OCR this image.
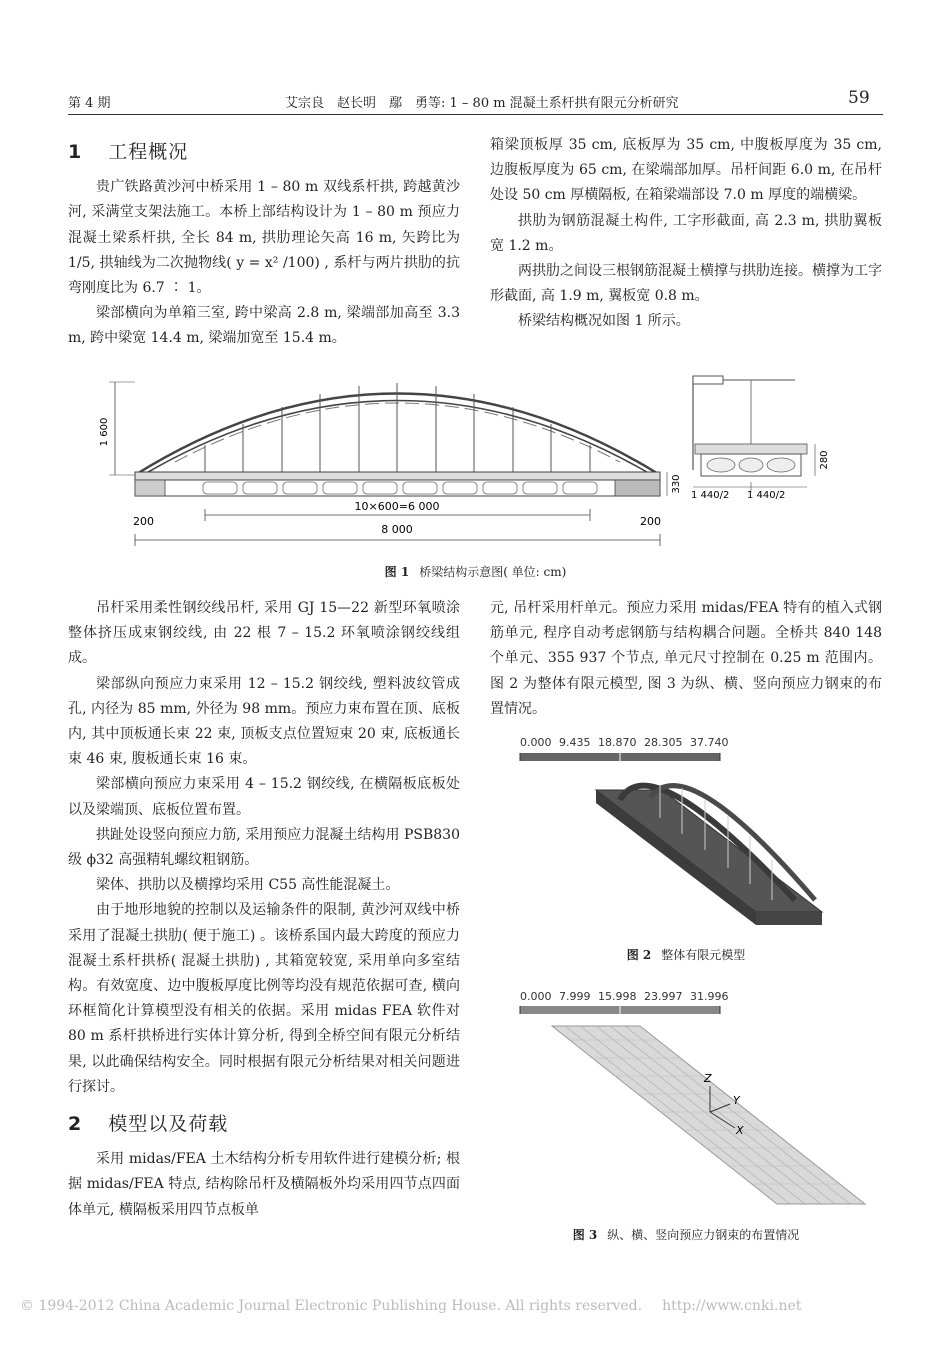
第 4 期	艾宗良　赵长明　鄢　勇等: 1 – 80 m 混凝土系杆拱有限元分析研究	59
1 工程概况

贵广铁路黄沙河中桥采用 1 – 80 m 双线系杆拱, 跨越黄沙河, 采满堂支架法施工。本桥上部结构设计为 1 – 80 m 预应力混凝土梁系杆拱, 全长 84 m, 拱肋理论矢高 16 m, 矢跨比为 1/5, 拱轴线为二次抛物线( y = x² /100) , 系杆与两片拱肋的抗弯刚度比为 6.7 ∶ 1。

梁部横向为单箱三室, 跨中梁高 2.8 m, 梁端部加高至 3.3 m, 跨中梁宽 14.4 m, 梁端加宽至 15.4 m。

箱梁顶板厚 35 cm, 底板厚为 35 cm, 中腹板厚度为 35 cm, 边腹板厚度为 65 cm, 在梁端部加厚。吊杆间距 6.0 m, 在吊杆处设 50 cm 厚横隔板, 在箱梁端部设 7.0 m 厚度的端横梁。

拱肋为钢筋混凝土构件, 工字形截面, 高 2.3 m, 拱肋翼板宽 1.2 m。

两拱肋之间设三根钢筋混凝土横撑与拱肋连接。横撑为工字形截面, 高 1.9 m, 翼板宽 0.8 m。

桥梁结构概况如图 1 所示。

1 600
330
10×600=6 000
8 000
200	200
280
1 440/2 1 440/2
图 1 桥梁结构示意图( 单位: cm)

吊杆采用柔性钢绞线吊杆, 采用 GJ 15—22 新型环氧喷涂整体挤压成束钢绞线, 由 22 根 7 – 15.2 环氧喷涂钢绞线组成。

梁部纵向预应力束采用 12 – 15.2 钢绞线, 塑料波纹管成孔, 内径为 85 mm, 外径为 98 mm。预应力束布置在顶、底板内, 其中顶板通长束 22 束, 顶板支点位置短束 20 束, 底板通长束 46 束, 腹板通长束 16 束。

梁部横向预应力束采用 4 – 15.2 钢绞线, 在横隔板底板处以及梁端顶、底板位置布置。

拱趾处设竖向预应力筋, 采用预应力混凝土结构用 PSB830 级 ϕ32 高强精轧螺纹粗钢筋。

梁体、拱肋以及横撑均采用 C55 高性能混凝土。

由于地形地貌的控制以及运输条件的限制, 黄沙河双线中桥采用了混凝土拱肋( 便于施工) 。该桥系国内最大跨度的预应力混凝土系杆拱桥( 混凝土拱肋) , 其箱宽较宽, 采用单向多室结构。有效宽度、边中腹板厚度比例等均没有规范依据可查, 横向环框简化计算模型没有相关的依据。采用 midas FEA 软件对 80 m 系杆拱桥进行实体计算分析, 得到全桥空间有限元分析结果, 以此确保结构安全。同时根据有限元分析结果对相关问题进行探讨。

2 模型以及荷载

采用 midas/FEA 土木结构分析专用软件进行建模分析; 根据 midas/FEA 特点, 结构除吊杆及横隔板外均采用四节点四面体单元, 横隔板采用四节点板单

元, 吊杆采用杆单元。预应力采用 midas/FEA 特有的植入式钢筋单元, 程序自动考虑钢筋与结构耦合问题。全桥共 840 148 个单元、355 937 个节点, 单元尺寸控制在 0.25 m 范围内。图 2 为整体有限元模型, 图 3 为纵、横、竖向预应力钢束的布置情况。

0.000 9.435 18.870 28.305 37.740
图 2 整体有限元模型
0.000 7.999 15.998 23.997 31.996
Z
Y
X
图 3 纵、横、竖向预应力钢束的布置情况
© 1994-2012 China Academic Journal Electronic Publishing House. All rights reserved. http://www.cnki.net
